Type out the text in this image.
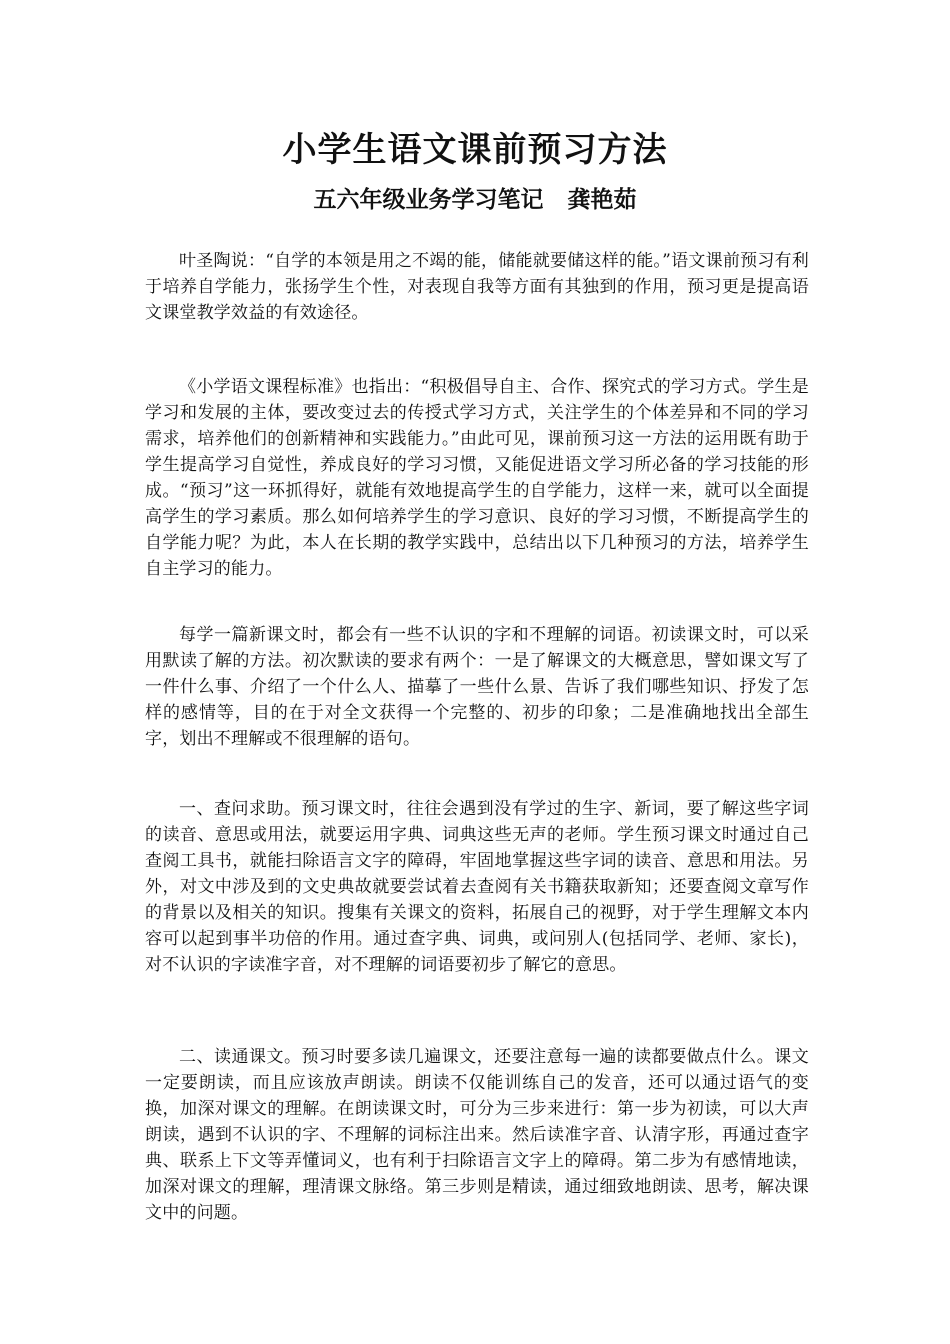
小学生语文课前预习方法
五六年级业务学习笔记   龚艳茹

叶圣陶说：“自学的本领是用之不竭的能，储能就要储这样的能。”语文课前预习有利于培养自学能力，张扬学生个性，对表现自我等方面有其独到的作用，预习更是提高语文课堂教学效益的有效途径。

《小学语文课程标准》也指出：“积极倡导自主、合作、探究式的学习方式。学生是学习和发展的主体，要改变过去的传授式学习方式，关注学生的个体差异和不同的学习需求，培养他们的创新精神和实践能力。”由此可见，课前预习这一方法的运用既有助于学生提高学习自觉性，养成良好的学习习惯，又能促进语文学习所必备的学习技能的形成。“预习”这一环抓得好，就能有效地提高学生的自学能力，这样一来，就可以全面提高学生的学习素质。那么如何培养学生的学习意识、良好的学习习惯，不断提高学生的自学能力呢？为此，本人在长期的教学实践中，总结出以下几种预习的方法，培养学生自主学习的能力。

每学一篇新课文时，都会有一些不认识的字和不理解的词语。初读课文时，可以采用默读了解的方法。初次默读的要求有两个：一是了解课文的大概意思，譬如课文写了一件什么事、介绍了一个什么人、描摹了一些什么景、告诉了我们哪些知识、抒发了怎样的感情等，目的在于对全文获得一个完整的、初步的印象；二是准确地找出全部生字，划出不理解或不很理解的语句。

一、查问求助。预习课文时，往往会遇到没有学过的生字、新词，要了解这些字词的读音、意思或用法，就要运用字典、词典这些无声的老师。学生预习课文时通过自己查阅工具书，就能扫除语言文字的障碍，牢固地掌握这些字词的读音、意思和用法。另外，对文中涉及到的文史典故就要尝试着去查阅有关书籍获取新知；还要查阅文章写作的背景以及相关的知识。搜集有关课文的资料，拓展自己的视野，对于学生理解文本内容可以起到事半功倍的作用。通过查字典、词典，或问别人(包括同学、老师、家长)，对不认识的字读准字音，对不理解的词语要初步了解它的意思。

二、读通课文。预习时要多读几遍课文，还要注意每一遍的读都要做点什么。课文一定要朗读，而且应该放声朗读。朗读不仅能训练自己的发音，还可以通过语气的变换，加深对课文的理解。在朗读课文时，可分为三步来进行：第一步为初读，可以大声朗读，遇到不认识的字、不理解的词标注出来。然后读准字音、认清字形，再通过查字典、联系上下文等弄懂词义，也有利于扫除语言文字上的障碍。第二步为有感情地读，加深对课文的理解，理清课文脉络。第三步则是精读，通过细致地朗读、思考，解决课文中的问题。
